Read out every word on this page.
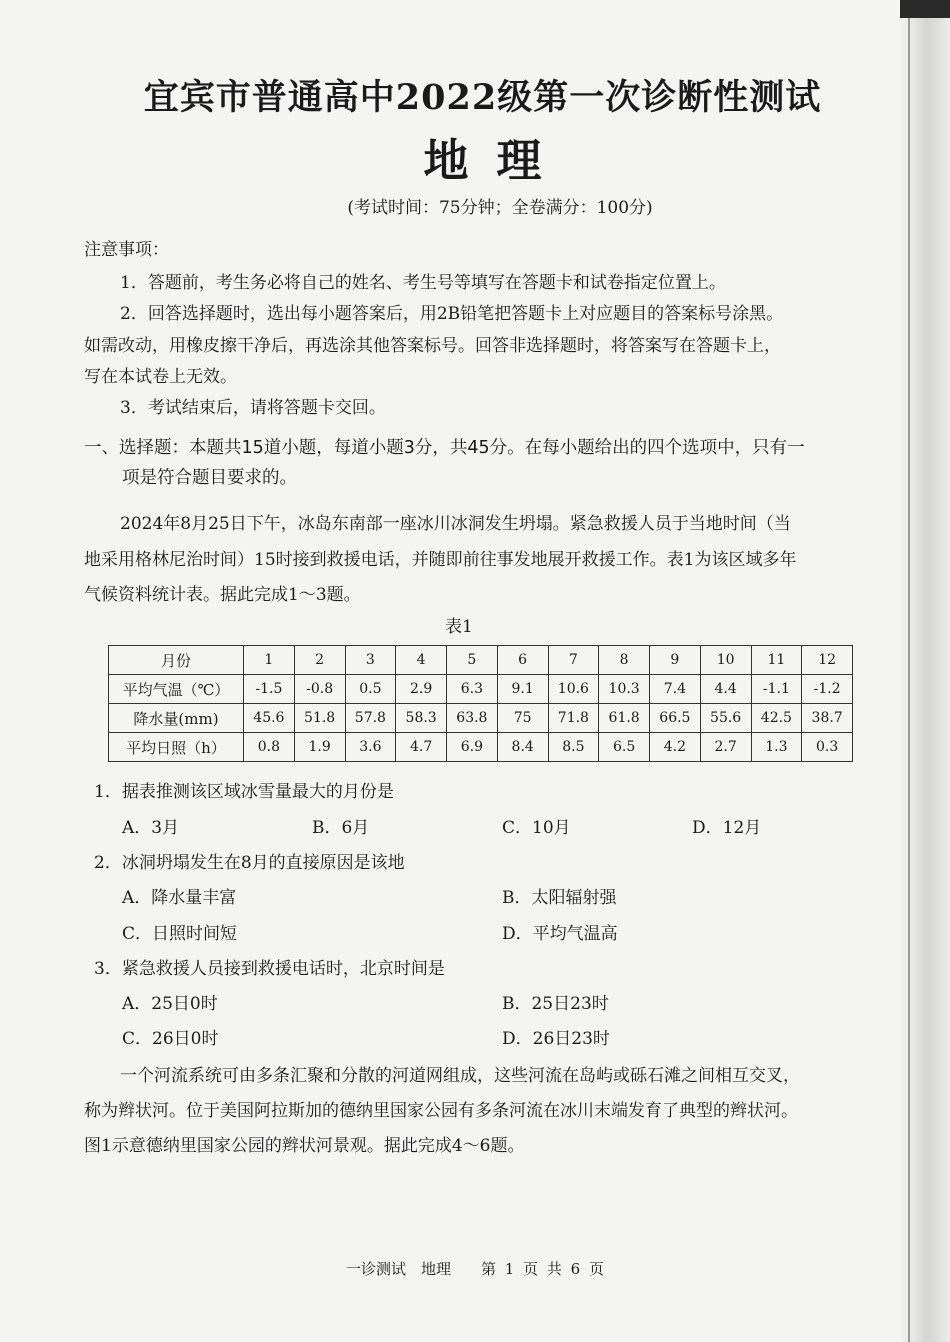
宜宾市普通高中2022级第一次诊断性测试
地理
(考试时间：75分钟；全卷满分：100分)
注意事项：
1．答题前，考生务必将自己的姓名、考生号等填写在答题卡和试卷指定位置上。
2．回答选择题时，选出每小题答案后，用2B铅笔把答题卡上对应题目的答案标号涂黑。
如需改动，用橡皮擦干净后，再选涂其他答案标号。回答非选择题时，将答案写在答题卡上，
写在本试卷上无效。
3．考试结束后，请将答题卡交回。
一、选择题：本题共15道小题，每道小题3分，共45分。在每小题给出的四个选项中，只有一
项是符合题目要求的。
2024年8月25日下午，冰岛东南部一座冰川冰洞发生坍塌。紧急救援人员于当地时间（当
地采用格林尼治时间）15时接到救援电话，并随即前往事发地展开救援工作。表1为该区域多年
气候资料统计表。据此完成1～3题。
表1
月份	1	2	3	4	5	6	7	8	9	10	11	12
平均气温（℃）	-1.5	-0.8	0.5	2.9	6.3	9.1	10.6	10.3	7.4	4.4	-1.1	-1.2
降水量(mm)	45.6	51.8	57.8	58.3	63.8	75	71.8	61.8	66.5	55.6	42.5	38.7
平均日照（h）	0.8	1.9	3.6	4.7	6.9	8.4	8.5	6.5	4.2	2.7	1.3	0.3
1．据表推测该区域冰雪量最大的月份是
A．3月	B．6月	C．10月	D．12月
2．冰洞坍塌发生在8月的直接原因是该地
A．降水量丰富	B．太阳辐射强
C．日照时间短	D．平均气温高
3．紧急救援人员接到救援电话时，北京时间是
A．25日0时	B．25日23时
C．26日0时	D．26日23时
一个河流系统可由多条汇聚和分散的河道网组成，这些河流在岛屿或砾石滩之间相互交叉，
称为辫状河。位于美国阿拉斯加的德纳里国家公园有多条河流在冰川末端发育了典型的辫状河。
图1示意德纳里国家公园的辫状河景观。据此完成4～6题。
一诊测试　地理　　第 1 页 共 6 页
